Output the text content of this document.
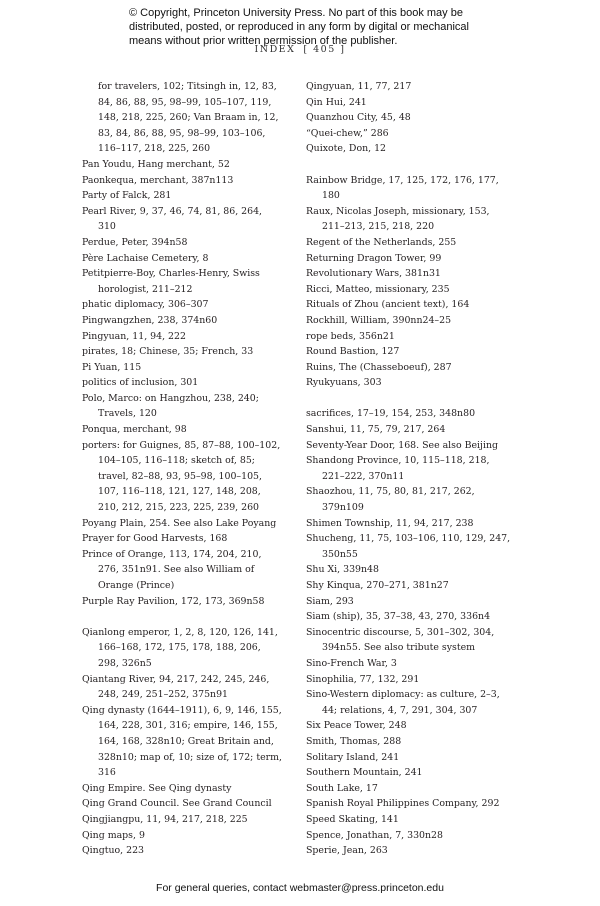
© Copyright, Princeton University Press. No part of this book may be
distributed, posted, or reproduced in any form by digital or mechanical
means without prior written permission of the publisher.
INDEX [ 405 ]
for travelers, 102; Titsingh in, 12, 83, 84, 86, 88, 95, 98–99, 105–107, 119, 148, 218, 225, 260; Van Braam in, 12, 83, 84, 86, 88, 95, 98–99, 103–106, 116–117, 218, 225, 260
Pan Youdu, Hang merchant, 52
Paonkequa, merchant, 387n113
Party of Falck, 281
Pearl River, 9, 37, 46, 74, 81, 86, 264, 310
Perdue, Peter, 394n58
Père Lachaise Cemetery, 8
Petitpierre-Boy, Charles-Henry, Swiss horologist, 211–212
phatic diplomacy, 306–307
Pingwangzhen, 238, 374n60
Pingyuan, 11, 94, 222
pirates, 18; Chinese, 35; French, 33
Pi Yuan, 115
politics of inclusion, 301
Polo, Marco: on Hangzhou, 238, 240; Travels, 120
Ponqua, merchant, 98
porters: for Guignes, 85, 87–88, 100–102, 104–105, 116–118; sketch of, 85; travel, 82–88, 93, 95–98, 100–105, 107, 116–118, 121, 127, 148, 208, 210, 212, 215, 223, 225, 239, 260
Poyang Plain, 254. See also Lake Poyang
Prayer for Good Harvests, 168
Prince of Orange, 113, 174, 204, 210, 276, 351n91. See also William of Orange (Prince)
Purple Ray Pavilion, 172, 173, 369n58
Qianlong emperor, 1, 2, 8, 120, 126, 141, 166–168, 172, 175, 178, 188, 206, 298, 326n5
Qiantang River, 94, 217, 242, 245, 246, 248, 249, 251–252, 375n91
Qing dynasty (1644–1911), 6, 9, 146, 155, 164, 228, 301, 316; empire, 146, 155, 164, 168, 328n10; Great Britain and, 328n10; map of, 10; size of, 172; term, 316
Qing Empire. See Qing dynasty
Qing Grand Council. See Grand Council
Qingjiangpu, 11, 94, 217, 218, 225
Qing maps, 9
Qingtuo, 223
Qingyuan, 11, 77, 217
Qin Hui, 241
Quanzhou City, 45, 48
“Quei-chew,” 286
Quixote, Don, 12
Rainbow Bridge, 17, 125, 172, 176, 177, 180
Raux, Nicolas Joseph, missionary, 153, 211–213, 215, 218, 220
Regent of the Netherlands, 255
Returning Dragon Tower, 99
Revolutionary Wars, 381n31
Ricci, Matteo, missionary, 235
Rituals of Zhou (ancient text), 164
Rockhill, William, 390nn24–25
rope beds, 356n21
Round Bastion, 127
Ruins, The (Chasseboeuf), 287
Ryukyuans, 303
sacrifices, 17–19, 154, 253, 348n80
Sanshui, 11, 75, 79, 217, 264
Seventy-Year Door, 168. See also Beijing
Shandong Province, 10, 115–118, 218, 221–222, 370n11
Shaozhou, 11, 75, 80, 81, 217, 262, 379n109
Shimen Township, 11, 94, 217, 238
Shucheng, 11, 75, 103–106, 110, 129, 247, 350n55
Shu Xi, 339n48
Shy Kinqua, 270–271, 381n27
Siam, 293
Siam (ship), 35, 37–38, 43, 270, 336n4
Sinocentric discourse, 5, 301–302, 304, 394n55. See also tribute system
Sino-French War, 3
Sinophilia, 77, 132, 291
Sino-Western diplomacy: as culture, 2–3, 44; relations, 4, 7, 291, 304, 307
Six Peace Tower, 248
Smith, Thomas, 288
Solitary Island, 241
Southern Mountain, 241
South Lake, 17
Spanish Royal Philippines Company, 292
Speed Skating, 141
Spence, Jonathan, 7, 330n28
Sperie, Jean, 263
For general queries, contact webmaster@press.princeton.edu
